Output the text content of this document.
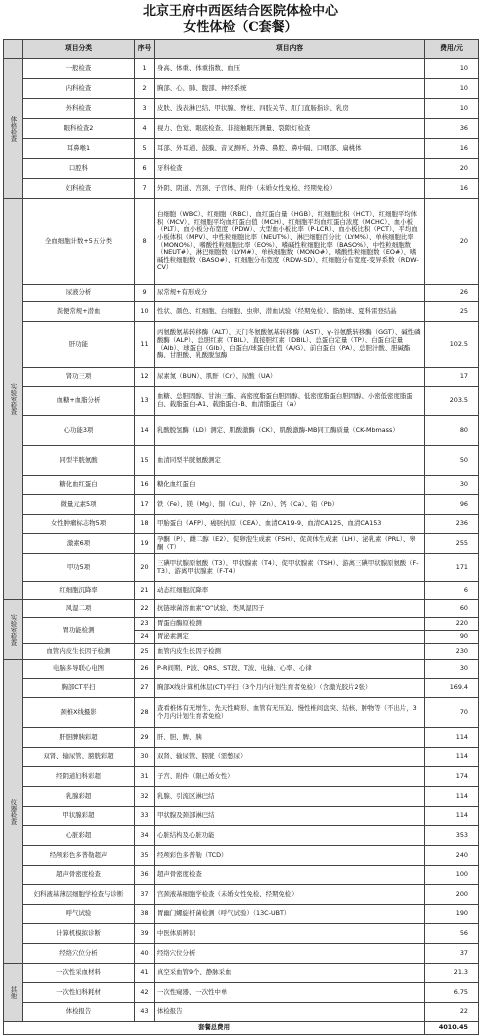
北京王府中西医结合医院体检中心
女性体检（C套餐）
	项目分类	序号	项目内容	费用/元

体格检查	一般检查	1	身高、体重、体重指数、血压	10
	内科检查	2	胸部、心、肺、腹部、神经系统	10
	外科检查	3	皮肤、浅表淋巴结、甲状腺、脊柱、四肢关节、肛门直肠指诊、乳房	10
	眼科检查2	4	视力、色觉、眼底检查、非接触眼压测量、裂隙灯检查	36
	耳鼻喉1	5	耳部、外耳道、鼓膜、音叉测听、外鼻、鼻腔、鼻中隔、口咽部、扁桃体	16
	口腔科	6	牙科检查	20
	妇科检查	7	外阴、阴道、宫颈、子宫体、附件（未婚女性免检、经期免检）	16

实验室检查	全血细胞计数+5五分类	8	白细胞（WBC）、红细胞（RBC）、血红蛋白量（HGB）、红细胞比积（HCT）、红细胞平均体积（MCV）、红细胞平均血红蛋白值（MCH）、红细胞平均血红蛋白浓度（MCHC）、血小板（PLT）、血小板分布宽度（PDW）、大型血小板比率（P-LCR）、血小板比积（PCT）、平均血小板体积（MPV）、中性粒细胞比率（NEUT%）、淋巴细胞百分比（LYM%）、单核细胞比率（MONO%）、嗜酸性粒细胞比率（EO%）、嗜碱性粒细胞比率（BASO%）、中性粒细胞数（NEUT#）、淋巴细胞数（LYM#）、单核细胞数（MONO#）、嗜酸性粒细胞数（EO#）、嗜碱性粒细胞数（BASO#）、红细胞分布宽度（RDW-SD）、红细胞分布宽度-变异系数（RDW-CV）	20
	尿液分析	9	尿常规+有形成分	26
	粪便常规+潜血	10	性状、颜色、红细胞、白细胞、虫卵、潜血试验（经期免检）、脂肪球、夏科雷登结晶	25
	肝功能	11	丙氨酸氨基转移酶（ALT）、天门冬氨酸氨基转移酶（AST）、γ-谷氨酰转移酶（GGT）、碱性磷酸酶（ALP）、总胆红素（TBIL）、直接胆红素（DBIL）、总蛋白定量（TP）、白蛋白定量（Alb）、球蛋白（Glb）、白蛋白/球蛋白比值（A/G）、前白蛋白（PA）、总胆汁酸、胆碱酯酶、甘胆酸、乳酸脱氢酶	102.5
	肾功三项	12	尿素氮（BUN）、肌酐（Cr）、尿酸（UA）	17
	血糖+血脂分析	13	血糖、总胆固醇、甘油三酯、高密度脂蛋白胆固醇、低密度脂蛋白胆固醇、小密低密度脂蛋白、载脂蛋白-A1、载脂蛋白-B、血清脂蛋白（a）	203.5
	心功能3项	14	乳酸脱氢酶（LD）测定、肌酸激酶（CK）、肌酸激酶-MB同工酶质量（CK-Mbmass）	80
	同型半胱氨酸	15	血清同型半胱氨酸测定	50
	糖化血红蛋白	16	糖化血红蛋白	30
	微量元素5项	17	铁（Fe）、镁（Mg）、铜（Cu）、锌（Zn）、钙（Ca）、铅（Pb）	96
	女性肿瘤标志物5项	18	甲胎蛋白（AFP）、癌胚抗原（CEA）、血清CA19-9、血清CA125、血清CA153	236
	激素6项	19	孕酮（P）、雌二醇（E2）、促卵泡生成素（FSH）、促黄体生成素（LH）、泌乳素（PRL）、睾酮（T）	255
	甲功5项	20	三碘甲状腺原氨酸（T3）、甲状腺素（T4）、促甲状腺素（TSH）、游离三碘甲状腺原氨酸（F-T3）、游离甲状腺素（F-T4）	171
	红细胞沉降率	21	动态红细胞沉降率	6

实验室检查	风湿二项	22	抗链球菌溶血素“O”试验、类风湿因子	60
	胃功能检测	23	胃蛋白酶原检测	220
		24	胃泌素测定	90
	血管内皮生长因子检测	25	血管内皮生长因子检测	230

仪器检查	电脑多导联心电图	26	P-R间期、P波、QRS、ST段、T波、电轴、心率、心律	30
	胸部CT平扫	27	胸部X线计算机体层(CT)平扫（3个月内计划生育者免检）（含激光胶片2张）	169.4
	颈椎X线摄影	28	查看椎体有无增生、先天性畸形、血管有无压迫、慢性椎间盘突、结核、肿物等（不出片，3个月内计划生育者免检）	70
	肝胆脾胰彩超	29	肝、胆、脾、胰	114
	双肾、输尿管、膀胱彩超	30	双肾、输尿管、膀胱（需憋尿）	114
	经阴道妇科彩超	31	子宫、附件（限已婚女性）	174
	乳腺彩超	32	乳腺、引流区淋巴结	114
	甲状腺彩超	33	甲状腺及颈部淋巴结	114
	心脏彩超	34	心脏结构及心脏功能	353
	经颅彩色多普勒超声	35	经颅彩色多普勒（TCD）	240
	超声骨密度检查	36	超声骨密度检查	100
	妇科液基薄层细胞学检查与诊断	37	宫颈液基细胞学检查（未婚女性免检、经期免检）	200
	呼气试验	38	胃幽门螺旋杆菌检测（呼气试验）（13C-UBT）	190
	计算机模拟诊断	39	中医体质辨识	56
	经络穴位分析	40	经络穴位分析	37

其他	一次性采血材料	41	真空采血管9个、静脉采血	21.3
	一次性妇科耗材	42	一次性窥器、一次性中单	6.75
	体检报告	43	体检报告	22
套餐总费用				4010.45
